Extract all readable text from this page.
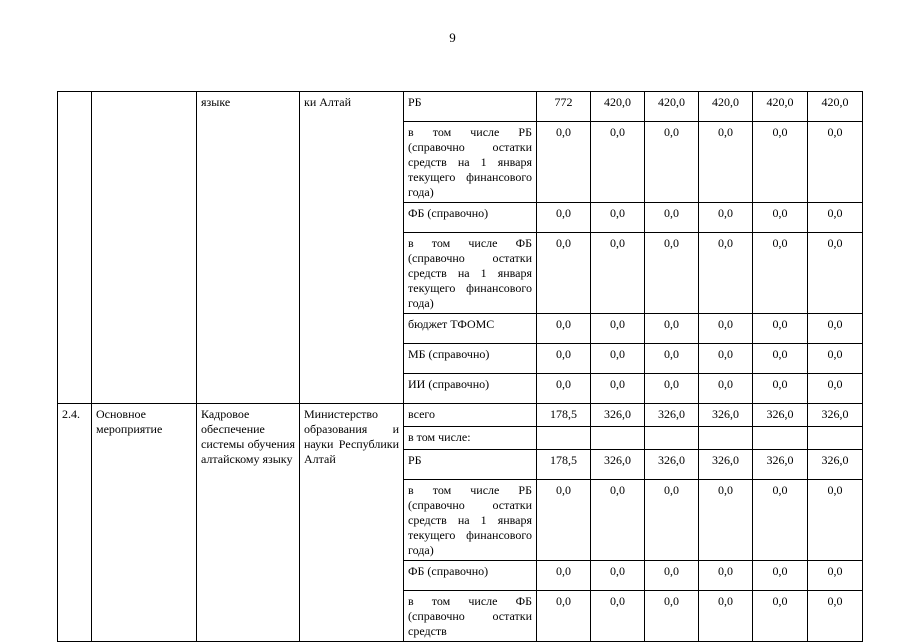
9
		языке	ки Алтай	РБ	772	420,0	420,0	420,0	420,0	420,0
				в том числе РБ (справочно остатки средств на 1 января текущего финансового года)	0,0	0,0	0,0	0,0	0,0	0,0
				ФБ (справочно)	0,0	0,0	0,0	0,0	0,0	0,0
				в том числе ФБ (справочно остатки средств на 1 января текущего финансового года)	0,0	0,0	0,0	0,0	0,0	0,0
				бюджет ТФОМС	0,0	0,0	0,0	0,0	0,0	0,0
				МБ (справочно)	0,0	0,0	0,0	0,0	0,0	0,0
				ИИ (справочно)	0,0	0,0	0,0	0,0	0,0	0,0
2.4.	Основное мероприятие	Кадровое обеспечение системы обучения алтайскому языку	Министерство образования и науки Республики Алтай	всего	178,5	326,0	326,0	326,0	326,0	326,0
				в том числе:						
				РБ	178,5	326,0	326,0	326,0	326,0	326,0
				в том числе РБ (справочно остатки средств на 1 января текущего финансового года)	0,0	0,0	0,0	0,0	0,0	0,0
				ФБ (справочно)	0,0	0,0	0,0	0,0	0,0	0,0
				в том числе ФБ (справочно остатки средств	0,0	0,0	0,0	0,0	0,0	0,0
